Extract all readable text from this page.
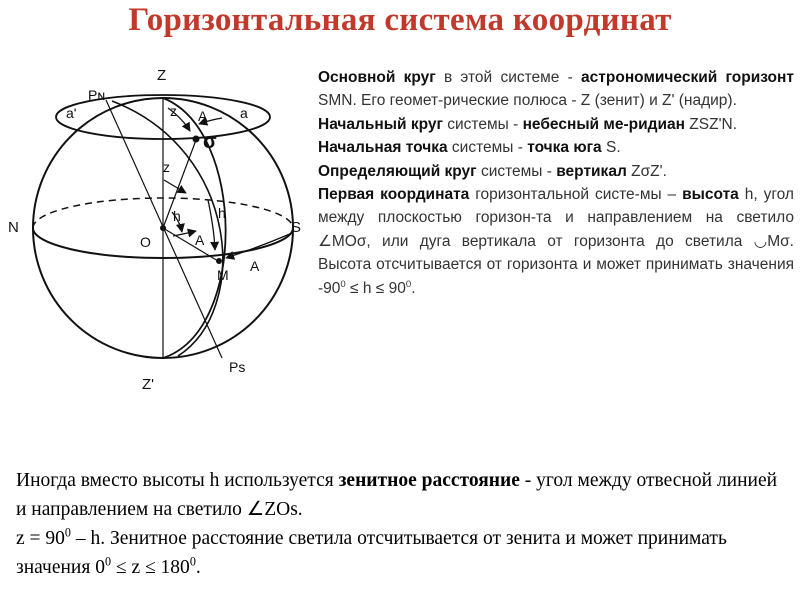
Горизонтальная система координат
Z
Pɴ
a'	a
z A
σ
z
N	S
O
h	h
A
M
A
Z'
Ps

Основной круг в этой системе - астрономический горизонт SMN. Его геомет-рические полюса - Z (зенит) и Z' (надир).

Начальный круг системы - небесный ме-ридиан ZSZ'N.

Начальная точка системы - точка юга S.

Определяющий круг системы - вертикал ZσZ'.

Первая координата горизонтальной систе-мы – высота h, угол между плоскостью горизон-та и направлением на светило ∠MOσ, или дуга вертикала от горизонта до светила ◡Mσ. Высота отсчитывается от горизонта и может принимать значения $-90^0 \le h \le 90^0$.

Иногда вместо высоты h используется зенитное расстояние - угол между отвесной линией и направлением на светило ∠ZOs.

$z = 90^0 - h$. Зенитное расстояние светила отсчитывается от зенита и может принимать значения $0^0 \le z \le 180^0$.
